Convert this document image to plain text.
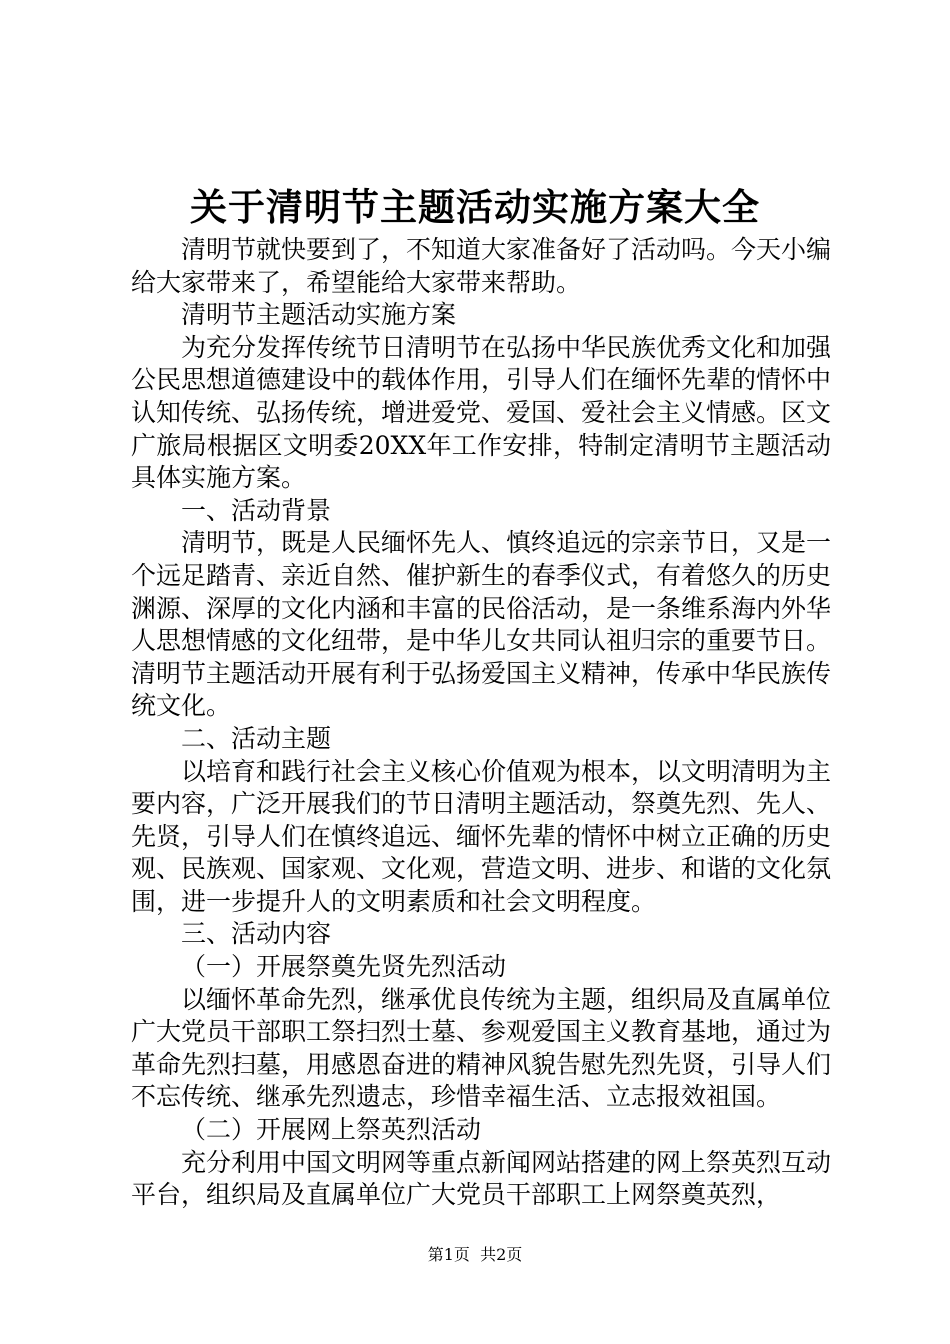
关于清明节主题活动实施方案大全

清明节就快要到了，不知道大家准备好了活动吗。今天小编给大家带来了，希望能给大家带来帮助。

清明节主题活动实施方案

为充分发挥传统节日清明节在弘扬中华民族优秀文化和加强公民思想道德建设中的载体作用，引导人们在缅怀先辈的情怀中认知传统、弘扬传统，增进爱党、爱国、爱社会主义情感。区文广旅局根据区文明委20XX年工作安排，特制定清明节主题活动具体实施方案。

一、活动背景

清明节，既是人民缅怀先人、慎终追远的宗亲节日，又是一个远足踏青、亲近自然、催护新生的春季仪式，有着悠久的历史渊源、深厚的文化内涵和丰富的民俗活动，是一条维系海内外华人思想情感的文化纽带，是中华儿女共同认祖归宗的重要节日。清明节主题活动开展有利于弘扬爱国主义精神，传承中华民族传统文化。

二、活动主题

以培育和践行社会主义核心价值观为根本，以文明清明为主要内容，广泛开展我们的节日清明主题活动，祭奠先烈、先人、先贤，引导人们在慎终追远、缅怀先辈的情怀中树立正确的历史观、民族观、国家观、文化观，营造文明、进步、和谐的文化氛围，进一步提升人的文明素质和社会文明程度。

三、活动内容

（一）开展祭奠先贤先烈活动

以缅怀革命先烈，继承优良传统为主题，组织局及直属单位广大党员干部职工祭扫烈士墓、参观爱国主义教育基地，通过为革命先烈扫墓，用感恩奋进的精神风貌告慰先烈先贤，引导人们不忘传统、继承先烈遗志，珍惜幸福生活、立志报效祖国。

（二）开展网上祭英烈活动

充分利用中国文明网等重点新闻网站搭建的网上祭英烈互动平台，组织局及直属单位广大党员干部职工上网祭奠英烈，

第1页 共2页
